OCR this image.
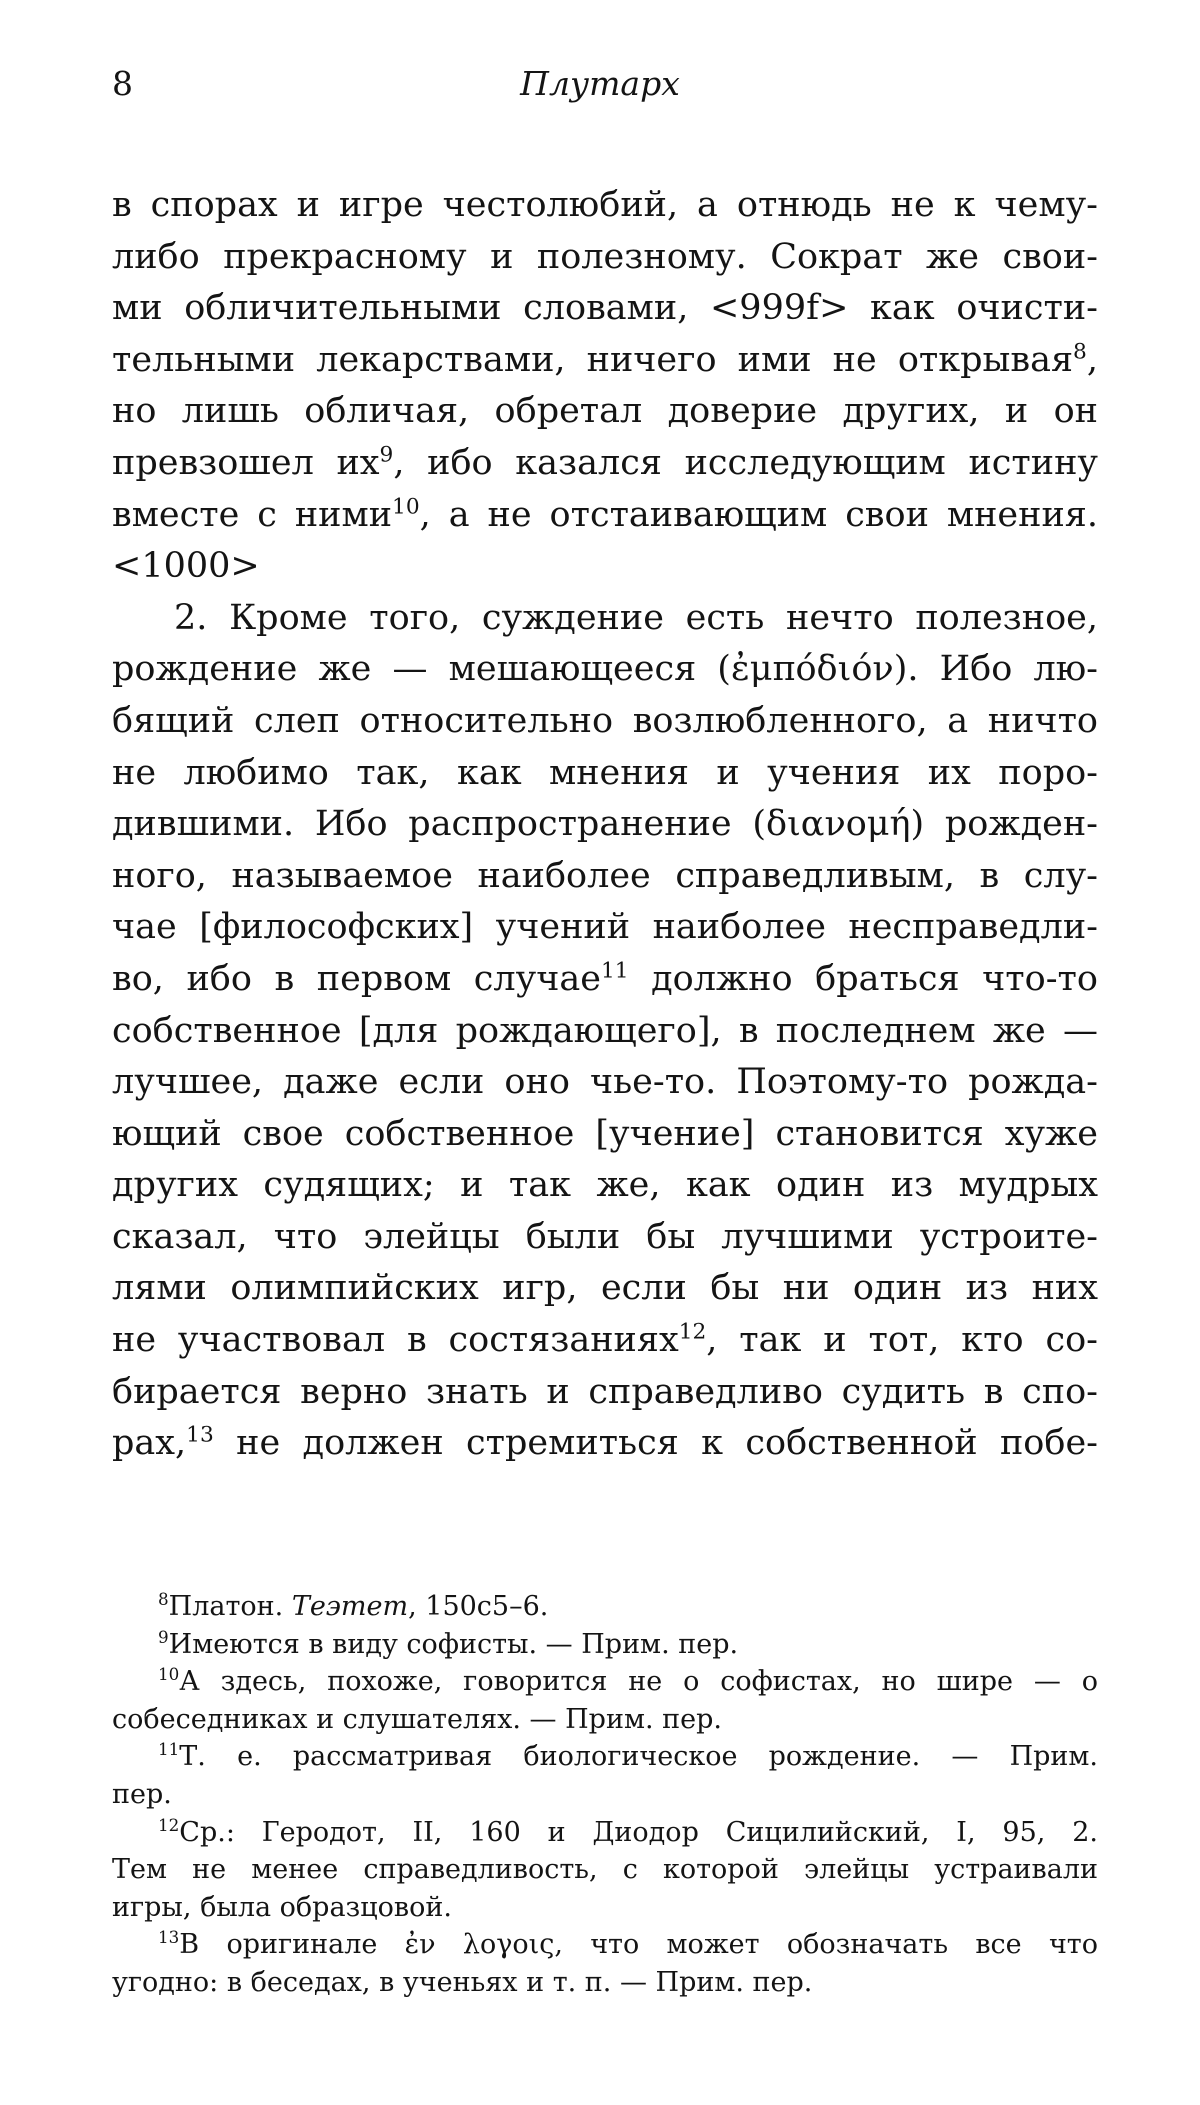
8	Плутарх

в спорах и игре честолюбий, а отнюдь не к чему-
либо прекрасному и полезному. Сократ же свои-
ми обличительными словами, <999f> как очисти-
тельными лекарствами, ничего ими не открывая$^8$,
но лишь обличая, обретал доверие других, и он
превзошел $их^9$, ибо казался исследующим истину
вместе с ними$^{10}$, а не отстаивающим свои мнения.
<1000>

2. Кроме того, суждение есть нечто полезное,
рождение же — мешающееся (ἐμπόδιόν). Ибо лю-
бящий слеп относительно возлюбленного, а ничто
не любимо так, как мнения и учения их поро-
дившими. Ибо распространение (διανομή) рожден-
ного, называемое наиболее справедливым, в слу-
чае [философских] учений наиболее несправедли-
во, ибо в первом случае$^{11}$ должно браться что-то
собственное [для рождающего], в последнем же —
лучшее, даже если оно чье-то. Поэтому-то рожда-
ющий свое собственное [учение] становится хуже
других судящих; и так же, как один из мудрых
сказал, что элейцы были бы лучшими устроите-
лями олимпийских игр, если бы ни один из них
не участвовал в состязаниях$^{12}$, так и тот, кто со-
бирается верно знать и справедливо судить в спо-
рах,$^{13}$ не должен стремиться к собственной побе-

$^8$Платон. Теэтет, 150c5–6.
$^9$Имеются в виду софисты. — Прим. пер.
$^{10}$А здесь, похоже, говорится не о софистах, но шире — о
собеседниках и слушателях. — Прим. пер.
$^{11}$Т. е. рассматривая биологическое рождение. — Прим.
пер.
$^{12}$Ср.: Геродот, II, 160 и Диодор Сицилийский, I, 95, 2.
Тем не менее справедливость, с которой элейцы устраивали
игры, была образцовой.
$^{13}$В оригинале ἐν λογοις, что может обозначать все что
угодно: в беседах, в ученьях и т. п. — Прим. пер.
